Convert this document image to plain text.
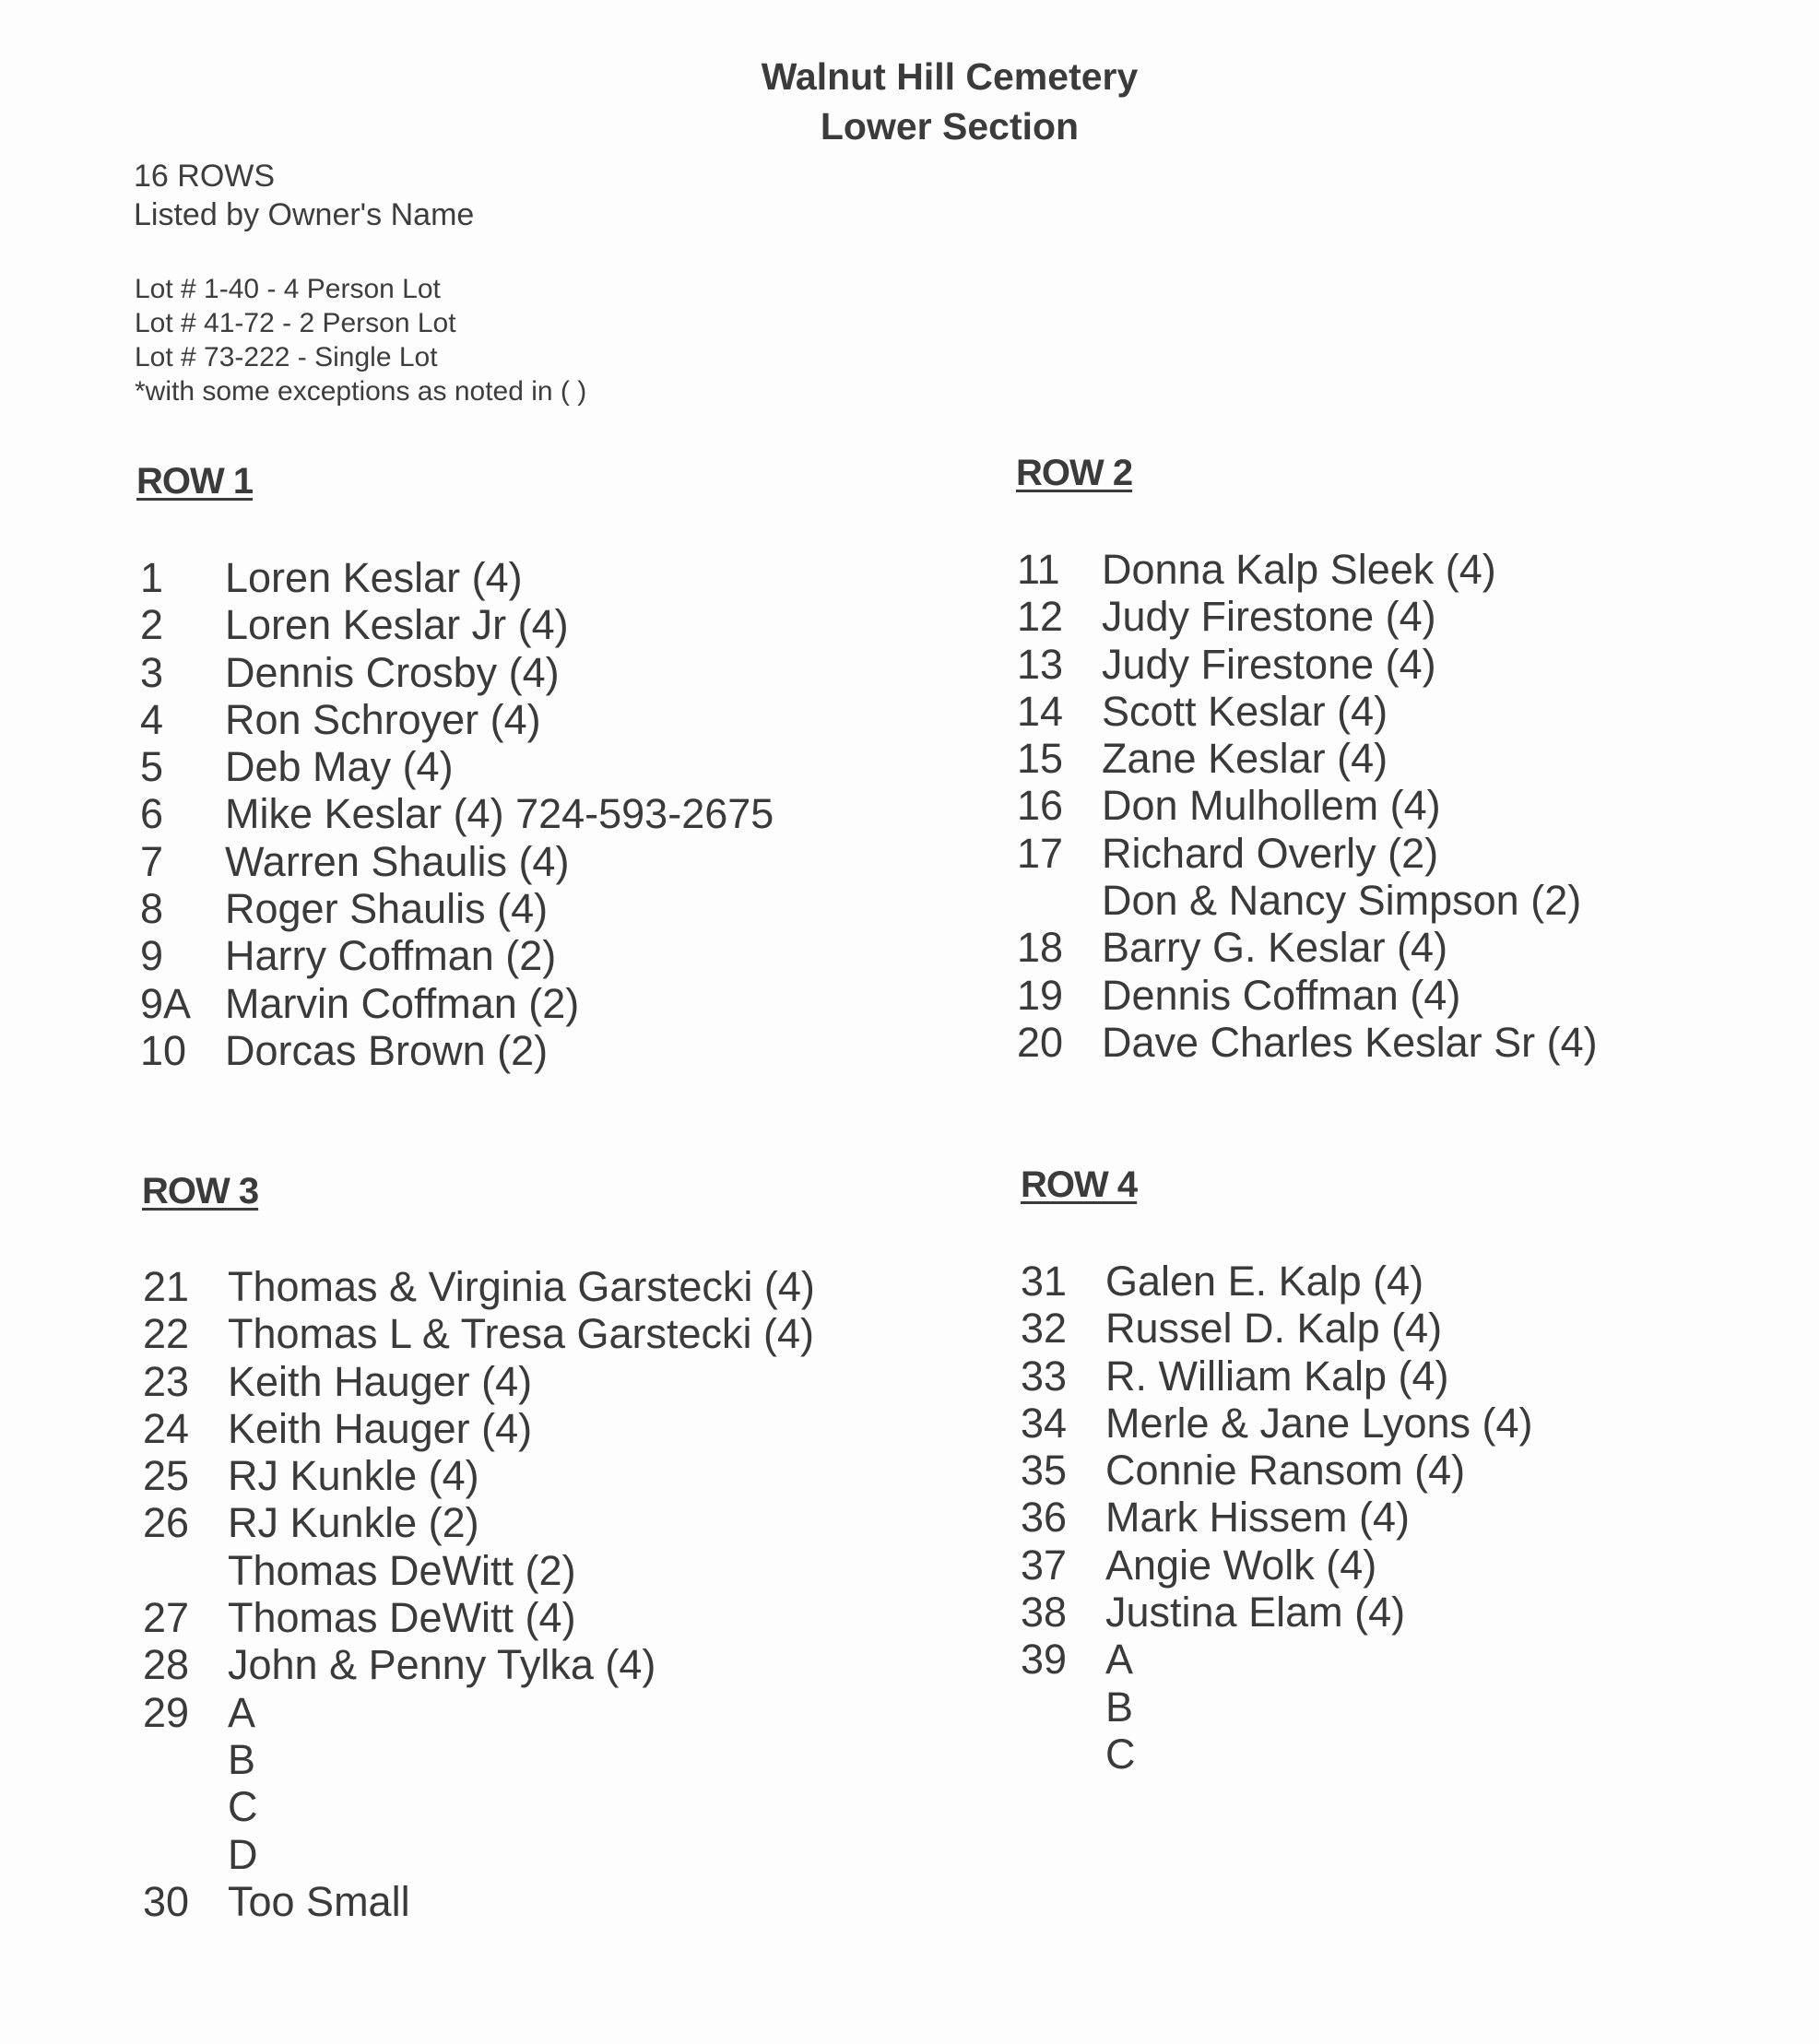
Walnut Hill Cemetery
Lower Section
16 ROWS
Listed by Owner's Name
Lot # 1-40 - 4 Person Lot
Lot # 41-72 - 2 Person Lot
Lot # 73-222 - Single Lot
*with some exceptions as noted in ( )
ROW 1
1 Loren Keslar (4)
2 Loren Keslar Jr (4)
3 Dennis Crosby (4)
4 Ron Schroyer (4)
5 Deb May (4)
6 Mike Keslar (4) 724-593-2675
7 Warren Shaulis (4)
8 Roger Shaulis (4)
9 Harry Coffman (2)
9A Marvin Coffman (2)
10 Dorcas Brown (2)
ROW 2
11 Donna Kalp Sleek (4)
12 Judy Firestone (4)
13 Judy Firestone (4)
14 Scott Keslar (4)
15 Zane Keslar (4)
16 Don Mulhollem (4)
17 Richard Overly (2)
Don & Nancy Simpson (2)
18 Barry G. Keslar (4)
19 Dennis Coffman (4)
20 Dave Charles Keslar Sr (4)
ROW 3
21 Thomas & Virginia Garstecki (4)
22 Thomas L & Tresa Garstecki (4)
23 Keith Hauger (4)
24 Keith Hauger (4)
25 RJ Kunkle (4)
26 RJ Kunkle (2)
Thomas DeWitt (2)
27 Thomas DeWitt (4)
28 John & Penny Tylka (4)
29 A
B
C
D
30 Too Small
ROW 4
31 Galen E. Kalp (4)
32 Russel D. Kalp (4)
33 R. William Kalp (4)
34 Merle & Jane Lyons (4)
35 Connie Ransom (4)
36 Mark Hissem (4)
37 Angie Wolk (4)
38 Justina Elam (4)
39 A
B
C
